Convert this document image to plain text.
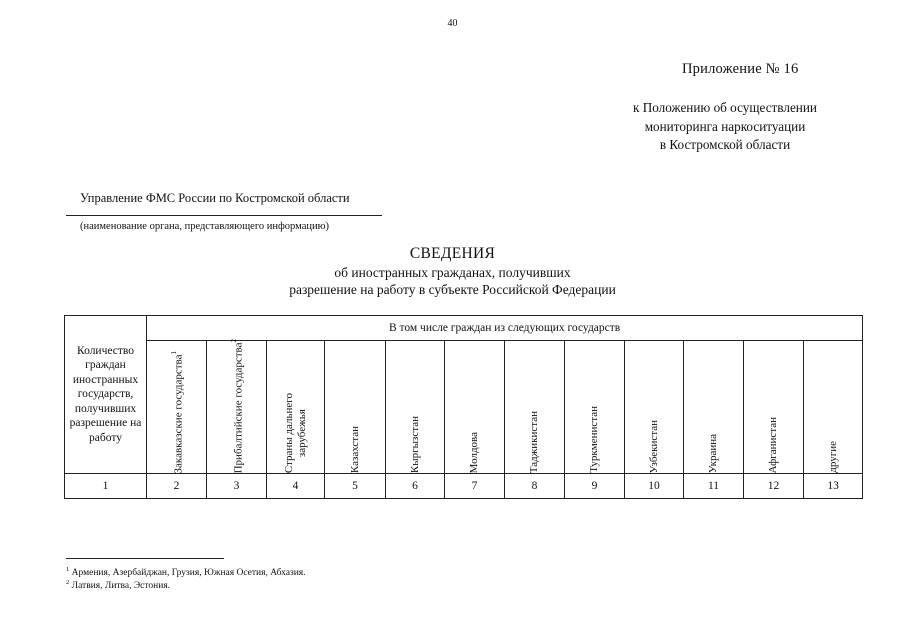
40
Приложение № 16
к Положению об осуществлении
мониторинга наркоситуации
в Костромской области
Управление ФМС России по Костромской области
(наименование органа, представляющего информацию)
СВЕДЕНИЯ
об иностранных гражданах, получивших
разрешение на работу в субъекте Российской Федерации
Количество граждан иностранных государств, получивших разрешение на работу	В том числе граждан из следующих государств											

	Закавказские государства$^1$	Прибалтийские государства$^2$	Страны дальнего
зарубежья	Казахстан	Кыргызстан	Молдова	Таджикистан	Туркменистан	Узбекистан	Украина	Афганистан	другие

1	2	3	4	5	6	7	8	9	10	11	12	13
$^1$ Армения, Азербайджан, Грузия, Южная Осетия, Абхазия.
$^2$ Латвия, Литва, Эстония.
